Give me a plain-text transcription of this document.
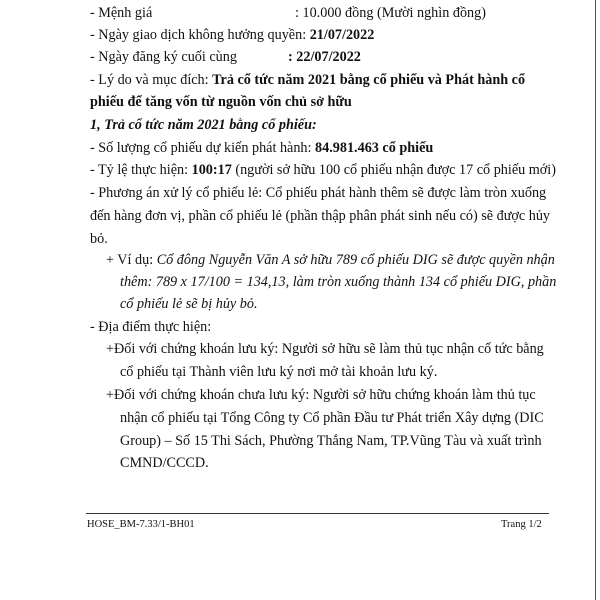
- Mệnh giá	: 10.000 đồng (Mười nghìn đồng)
- Ngày giao dịch không hưởng quyền: 21/07/2022
- Ngày đăng ký cuối cùng	: 22/07/2022
- Lý do và mục đích: Trả cổ tức năm 2021 bằng cổ phiếu và Phát hành cổ
phiếu để tăng vốn từ nguồn vốn chủ sở hữu
1, Trả cổ tức năm 2021 bằng cổ phiếu:
- Số lượng cổ phiếu dự kiến phát hành: 84.981.463 cổ phiếu
- Tỷ lệ thực hiện: 100:17 (người sở hữu 100 cổ phiếu nhận được 17 cổ phiếu mới)
- Phương án xử lý cổ phiếu lẻ: Cổ phiếu phát hành thêm sẽ được làm tròn xuống
đến hàng đơn vị, phần cổ phiếu lẻ (phần thập phân phát sinh nếu có) sẽ được hủy
bỏ.
+ Ví dụ: Cổ đông Nguyễn Văn A sở hữu 789 cổ phiếu DIG sẽ được quyền nhận
thêm: 789 x 17/100 = 134,13, làm tròn xuống thành 134 cổ phiếu DIG, phần
cổ phiếu lẻ sẽ bị hủy bỏ.
- Địa điểm thực hiện:
+Đối với chứng khoán lưu ký: Người sở hữu sẽ làm thủ tục nhận cổ tức bằng
cổ phiếu tại Thành viên lưu ký nơi mở tài khoản lưu ký.
+Đối với chứng khoán chưa lưu ký: Người sở hữu chứng khoán làm thủ tục
nhận cổ phiếu tại Tổng Công ty Cổ phần Đầu tư Phát triển Xây dựng (DIC
Group) – Số 15 Thi Sách, Phường Thắng Nam, TP.Vũng Tàu và xuất trình
CMND/CCCD.
HOSE_BM-7.33/1-BH01	Trang 1/2
